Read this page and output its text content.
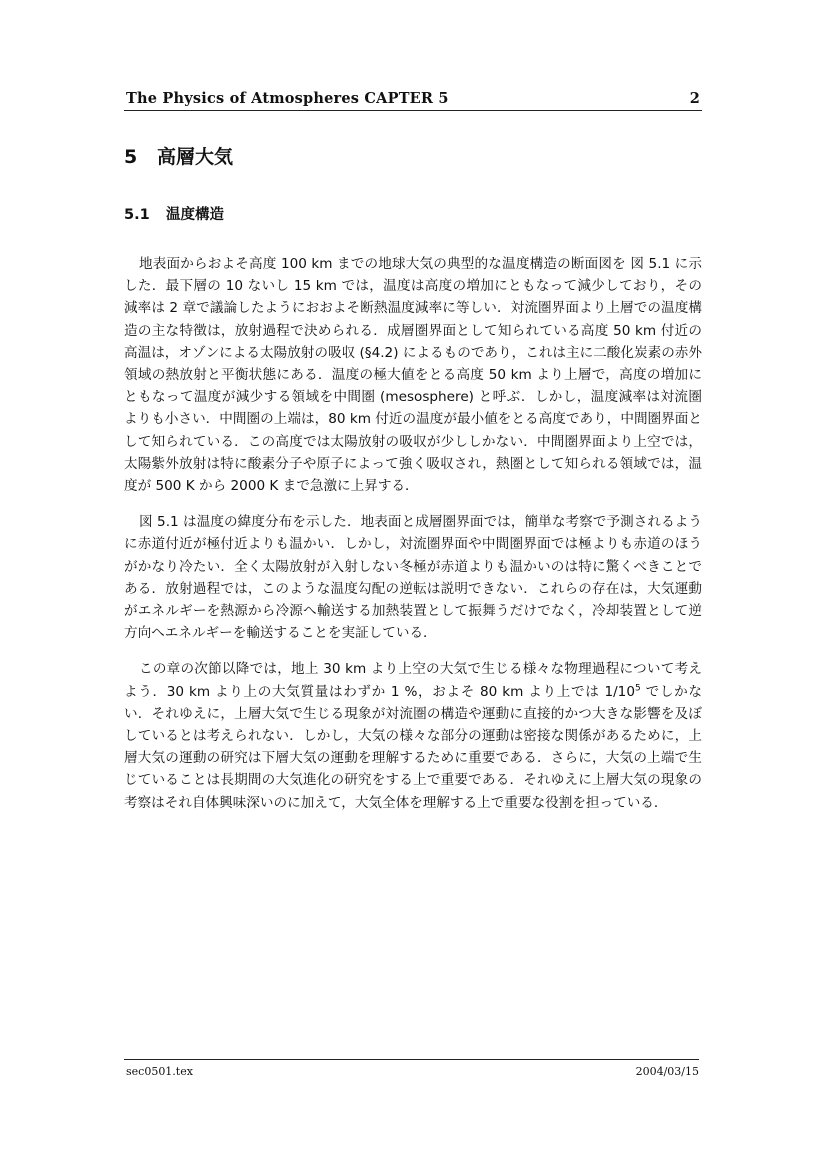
The Physics of Atmospheres CAPTER 5	2
5 高層大気
5.1 温度構造

地表面からおよそ高度 100 km までの地球大気の典型的な温度構造の断面図を 図 5.1 に示した．最下層の 10 ないし 15 km では，温度は高度の増加にともなって減少しており，その減率は 2 章で議論したようにおおよそ断熱温度減率に等しい．対流圏界面より上層での温度構造の主な特徴は，放射過程で決められる．成層圏界面として知られている高度 50 km 付近の高温は，オゾンによる太陽放射の吸収 (§4.2) によるものであり，これは主に二酸化炭素の赤外領域の熱放射と平衡状態にある．温度の極大値をとる高度 50 km より上層で，高度の増加にともなって温度が減少する領域を中間圏 (mesosphere) と呼ぶ．しかし，温度減率は対流圏よりも小さい．中間圏の上端は，80 km 付近の温度が最小値をとる高度であり，中間圏界面として知られている．この高度では太陽放射の吸収が少ししかない．中間圏界面より上空では，太陽紫外放射は特に酸素分子や原子によって強く吸収され，熱圏として知られる領域では，温度が 500 K から 2000 K まで急激に上昇する．

図 5.1 は温度の緯度分布を示した．地表面と成層圏界面では，簡単な考察で予測されるように赤道付近が極付近よりも温かい．しかし，対流圏界面や中間圏界面では極よりも赤道のほうがかなり冷たい．全く太陽放射が入射しない冬極が赤道よりも温かいのは特に驚くべきことである．放射過程では，このような温度勾配の逆転は説明できない．これらの存在は，大気運動がエネルギーを熱源から冷源へ輸送する加熱装置として振舞うだけでなく，冷却装置として逆方向へエネルギーを輸送することを実証している．

この章の次節以降では，地上 30 km より上空の大気で生じる様々な物理過程について考えよう．30 km より上の大気質量はわずか 1 %，およそ 80 km より上では $1/10^5$ でしかない．それゆえに，上層大気で生じる現象が対流圏の構造や運動に直接的かつ大きな影響を及ぼしているとは考えられない．しかし，大気の様々な部分の運動は密接な関係があるために，上層大気の運動の研究は下層大気の運動を理解するために重要である．さらに，大気の上端で生じていることは長期間の大気進化の研究をする上で重要である．それゆえに上層大気の現象の考察はそれ自体興味深いのに加えて，大気全体を理解する上で重要な役割を担っている．

sec0501.tex	2004/03/15
